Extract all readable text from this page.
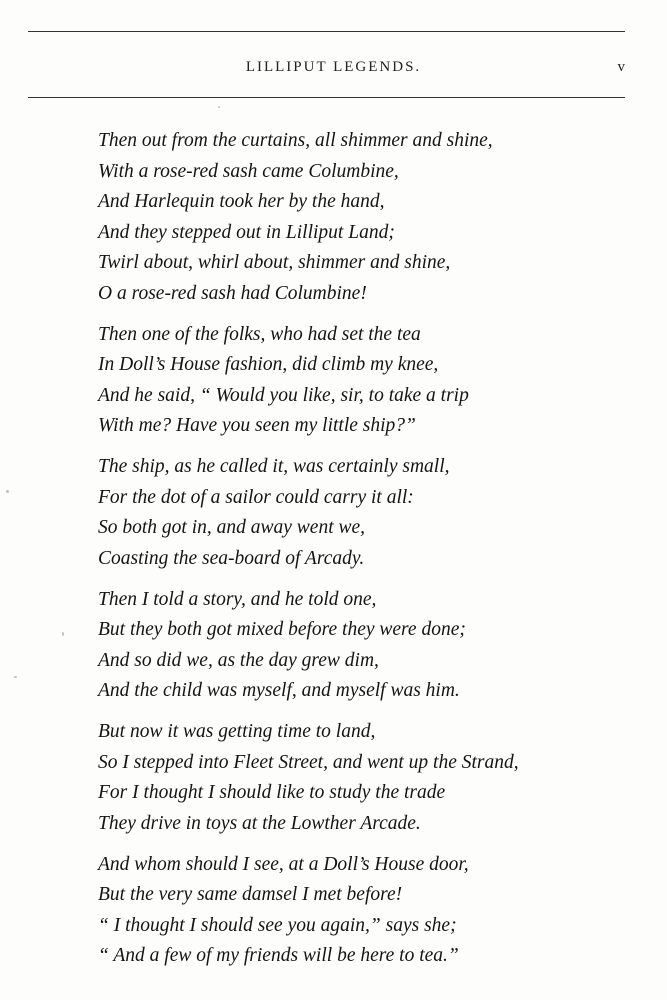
LILLIPUT LEGENDS.	v
Then out from the curtains, all shimmer and shine,
With a rose-red sash came Columbine,
And Harlequin took her by the hand,
And they stepped out in Lilliput Land;
Twirl about, whirl about, shimmer and shine,
O a rose-red sash had Columbine!
Then one of the folks, who had set the tea
In Doll’s House fashion, did climb my knee,
And he said, “ Would you like, sir, to take a trip
With me? Have you seen my little ship?”
The ship, as he called it, was certainly small,
For the dot of a sailor could carry it all:
So both got in, and away went we,
Coasting the sea-board of Arcady.
Then I told a story, and he told one,
But they both got mixed before they were done;
And so did we, as the day grew dim,
And the child was myself, and myself was him.
But now it was getting time to land,
So I stepped into Fleet Street, and went up the Strand,
For I thought I should like to study the trade
They drive in toys at the Lowther Arcade.
And whom should I see, at a Doll’s House door,
But the very same damsel I met before!
“ I thought I should see you again,” says she;
“ And a few of my friends will be here to tea.”
